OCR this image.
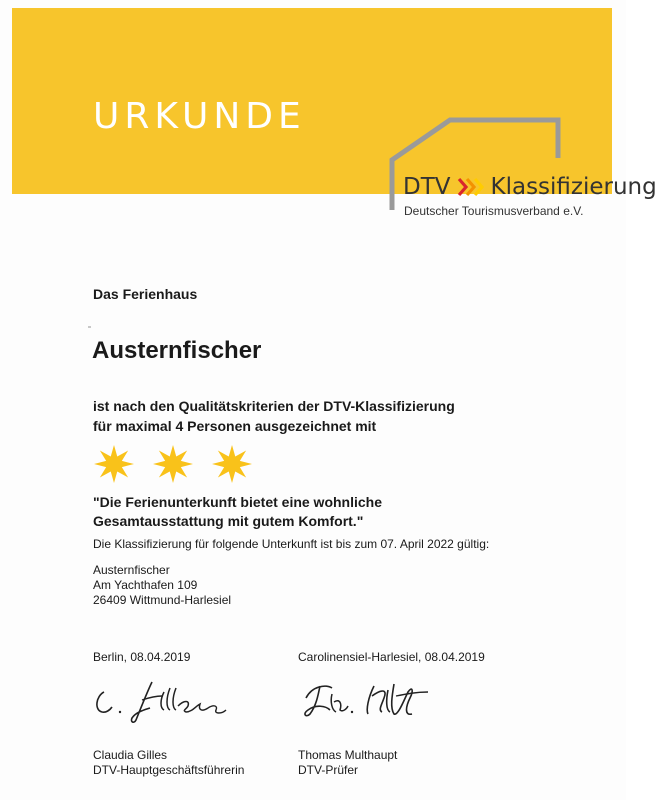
URKUNDE
DTV Klassifizierung
Deutscher Tourismusverband e.V.
Das Ferienhaus
Austernfischer
ist nach den Qualitätskriterien der DTV-Klassifizierung
für maximal 4 Personen ausgezeichnet mit
"Die Ferienunterkunft bietet eine wohnliche
Gesamtausstattung mit gutem Komfort."
Die Klassifizierung für folgende Unterkunft ist bis zum 07. April 2022 gültig:
Austernfischer
Am Yachthafen 109
26409 Wittmund-Harlesiel
Berlin, 08.04.2019	Carolinensiel-Harlesiel, 08.04.2019
Claudia Gilles
DTV-Hauptgeschäftsführerin
Thomas Multhaupt
DTV-Prüfer
